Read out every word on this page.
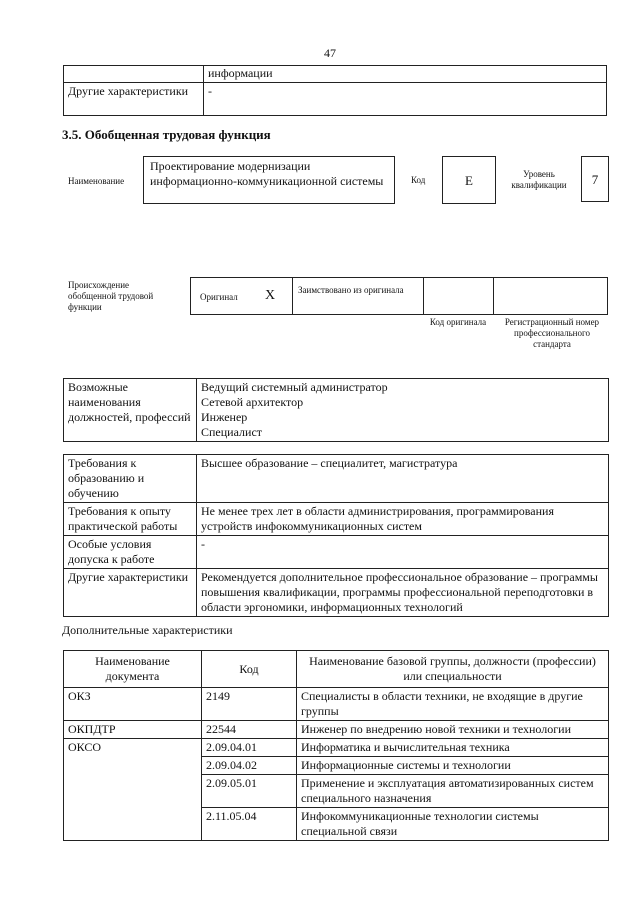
47
	информации
Другие характеристики	-
3.5. Обобщенная трудовая функция
Наименование
Проектирование модернизации информационно-коммуникационной системы	Код	E	Уровень квалификации	7
Происхождение обобщенной трудовой функции
Оригинал X	Заимствовано из оригинала
Код оригинала	Регистрационный номер профессионального стандарта
Возможные наименования должностей, профессий	
Ведущий системный администратор
Сетевой архитектор
Инженер
Специалист
Требования к образованию и обучению	Высшее образование – специалитет, магистратура
Требования к опыту практической работы	Не менее трех лет в области администрирования, программирования устройств инфокоммуникационных систем
Особые условия допуска к работе	-
Другие характеристики	Рекомендуется дополнительное профессиональное образование – программы повышения квалификации, программы профессиональной переподготовки в области эргономики, информационных технологий
Дополнительные характеристики
Наименование документа	Код	Наименование базовой группы, должности (профессии) или специальности
ОКЗ	2149	Специалисты в области техники, не входящие в другие группы
ОКПДТР	22544	Инженер по внедрению новой техники и технологии
ОКСО	2.09.04.01	Информатика и вычислительная техника
	2.09.04.02	Информационные системы и технологии
	2.09.05.01	Применение и эксплуатация автоматизированных систем специального назначения
	2.11.05.04	Инфокоммуникационные технологии системы специальной связи
